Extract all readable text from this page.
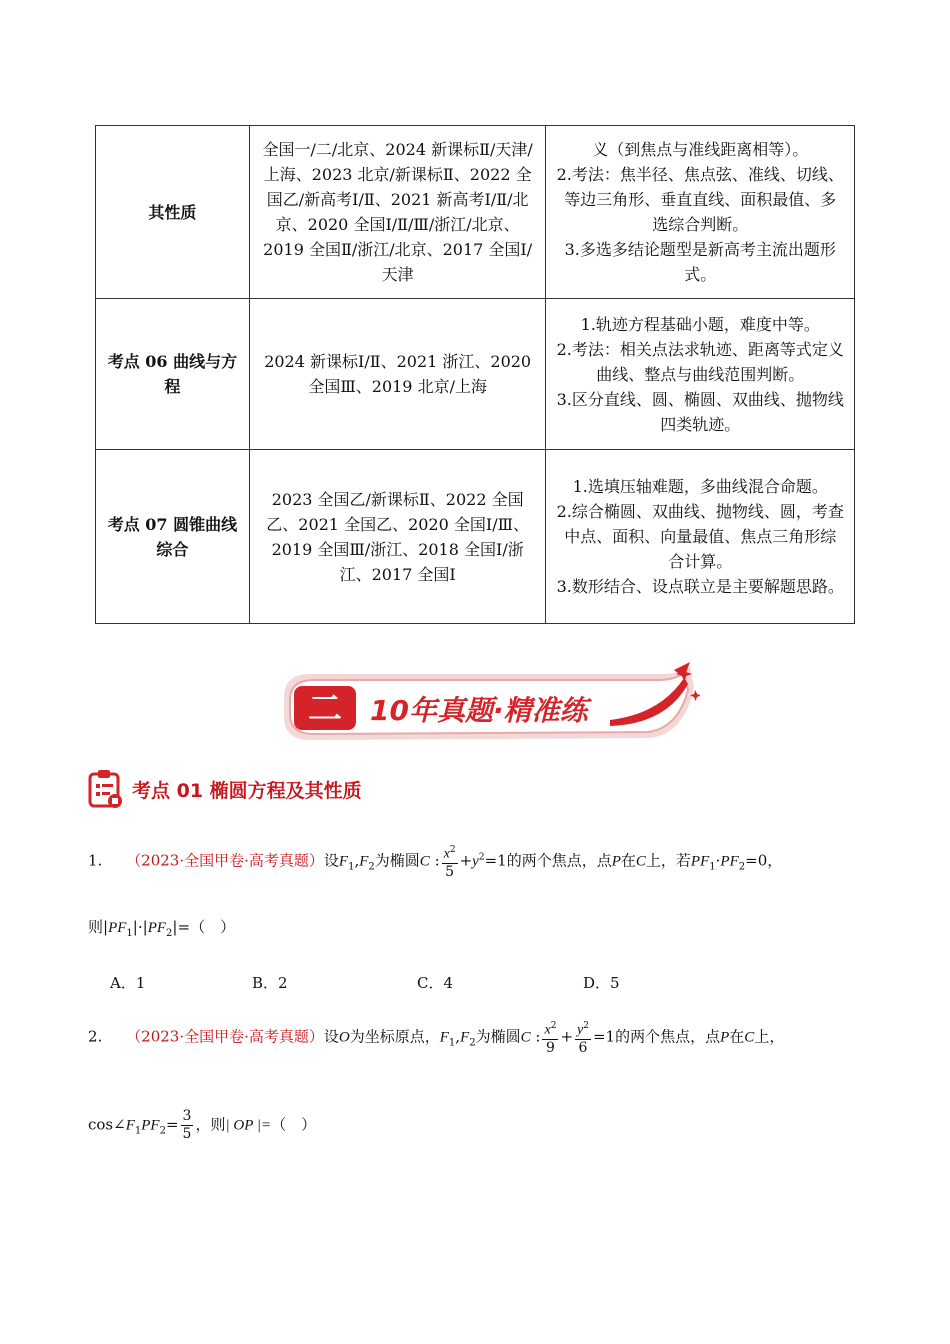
其性质	全国一/二/北京、2024 新课标Ⅱ/天津/上海、2023 北京/新课标Ⅱ、2022 全国乙/新高考Ⅰ/Ⅱ、2021 新高考Ⅰ/Ⅱ/北京、2020 全国Ⅰ/Ⅱ/Ⅲ/浙江/北京、2019 全国Ⅱ/浙江/北京、2017 全国Ⅰ/天津	义（到焦点与准线距离相等）。
2.考法：焦半径、焦点弦、准线、切线、等边三角形、垂直直线、面积最值、多选综合判断。
3.多选多结论题型是新高考主流出题形式。

考点 06 曲线与方程	2024 新课标Ⅰ/Ⅱ、2021 浙江、2020 全国Ⅲ、2019 北京/上海	1.轨迹方程基础小题，难度中等。
2.考法：相关点法求轨迹、距离等式定义曲线、整点与曲线范围判断。
3.区分直线、圆、椭圆、双曲线、抛物线四类轨迹。

考点 07 圆锥曲线综合	2023 全国乙/新课标Ⅱ、2022 全国乙、2021 全国乙、2020 全国Ⅰ/Ⅲ、2019 全国Ⅲ/浙江、2018 全国Ⅰ/浙江、2017 全国Ⅰ	1.选填压轴难题，多曲线混合命题。
2.综合椭圆、双曲线、抛物线、圆，考查中点、面积、向量最值、焦点三角形综合计算。
3.数形结合、设点联立是主要解题思路。
二 10年真题·精准练
考点 01 椭圆方程及其性质
1. （2023·全国甲卷·高考真题）设$F_1,F_2$为椭圆C : $\frac{x^2}{5} +y^2=1$的两个焦点，点P在C上，若$PF_1\cdot PF_2=0$，
则$|PF_1|\cdot|PF_2|=$（　）
A．1	B．2	C．4	D．5
2. （2023·全国甲卷·高考真题）设O为坐标原点，$F_1,F_2$为椭圆C : $\frac{x^2}{9} + \frac{y^2}{6} =1$的两个焦点，点P在C上，
$\cos\angle F_1PF_2= \frac{3}{5}$ ，则| OP |=（　）
